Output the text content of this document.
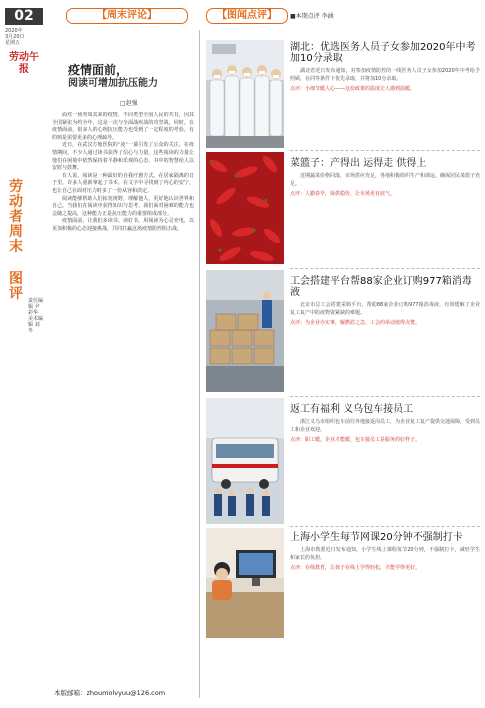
02
2020年
3月20日
星期五
劳动午报
劳动者周末
图评	责任编辑 尹彩华 美术编辑 刘冬
【周末评论】
疫情面前，
阅读可增加抗压能力
□赵强

面对一场突如其来的疫情，不同类型全国人民的共有，因其全国紧张为约全年，这是一次与全面战疾战的攻坚战。同时，在疫情面前，很多人的心理抗压能力也受到了一定程度的考验，有的则是需要更多的心理疏导。

近日，在武汉方舱医院的“凌”一幕引发了公众的关注。在疫情期间，不少人通过读书获得了信心与力量，这些阅读的力量让他们在困境中依然保持着平静和乐观的心态，书中的智慧给人以安慰与鼓舞。

有人说，阅读是一种最好的自我疗愈方式。在居家隔离的日子里，许多人重新拿起了书本，在文字中寻找到了内心的安宁，也让自己在面对压力时多了一份从容和淡定。

阅读能够帮助人们拓宽视野，理解他人，更好地认识世界和自己。当我们在阅读中获得知识与思考，我们面对困难的能力也会随之提高，这种能力正是抗压能力的重要组成部分。

疫情面前，让我们多读书、读好书，用阅读为心灵充电，以更加积极的心态迎接挑战，共同打赢这场疫情防控阻击战。

本版邮箱：zhoumolvyuu@126.com
【图闻点评】	■本期点评 李涵
湖北：优选医务人员子女参加2020年中考加10分录取
湖北省近日发布通知，对参加疫情防控的一线医务人员子女参加2020年中考给予照顾，在同等条件下优先录取，并将加10分录取。
点评：小细节暖人心——这份政策的温度让人感到温暖。
菜篮子：产得出 运得走 供得上
近期蔬菜价格回落，市场供应充足，各地积极组织生产和调运，确保居民菜篮子充足。
点评：人勤春早，保供稳价，让市场更有底气。
工会搭建平台帮88家企业订购977箱消毒液
北京市总工会搭建采购平台，帮助88家企业订购977箱消毒液，有效缓解了企业复工复产中防疫物资紧缺的难题。
点评：为企业办实事，解燃眉之急，工会的举动值得点赞。
返工有福利 义乌包车接员工
浙江义乌市组织包车前往外地接返岗员工，为企业复工复产提供交通保障，受到员工和企业欢迎。
点评：职工暖，企业才能暖，包车接员工是服务的好样子。
上海小学生每节网课20分钟不强制打卡
上海市教委近日发布通知，小学生线上课程每节20分钟，不强制打卡，减轻学生和家长的负担。
点评：在线教育，让孩子在线上学得轻松，才能学得更好。
